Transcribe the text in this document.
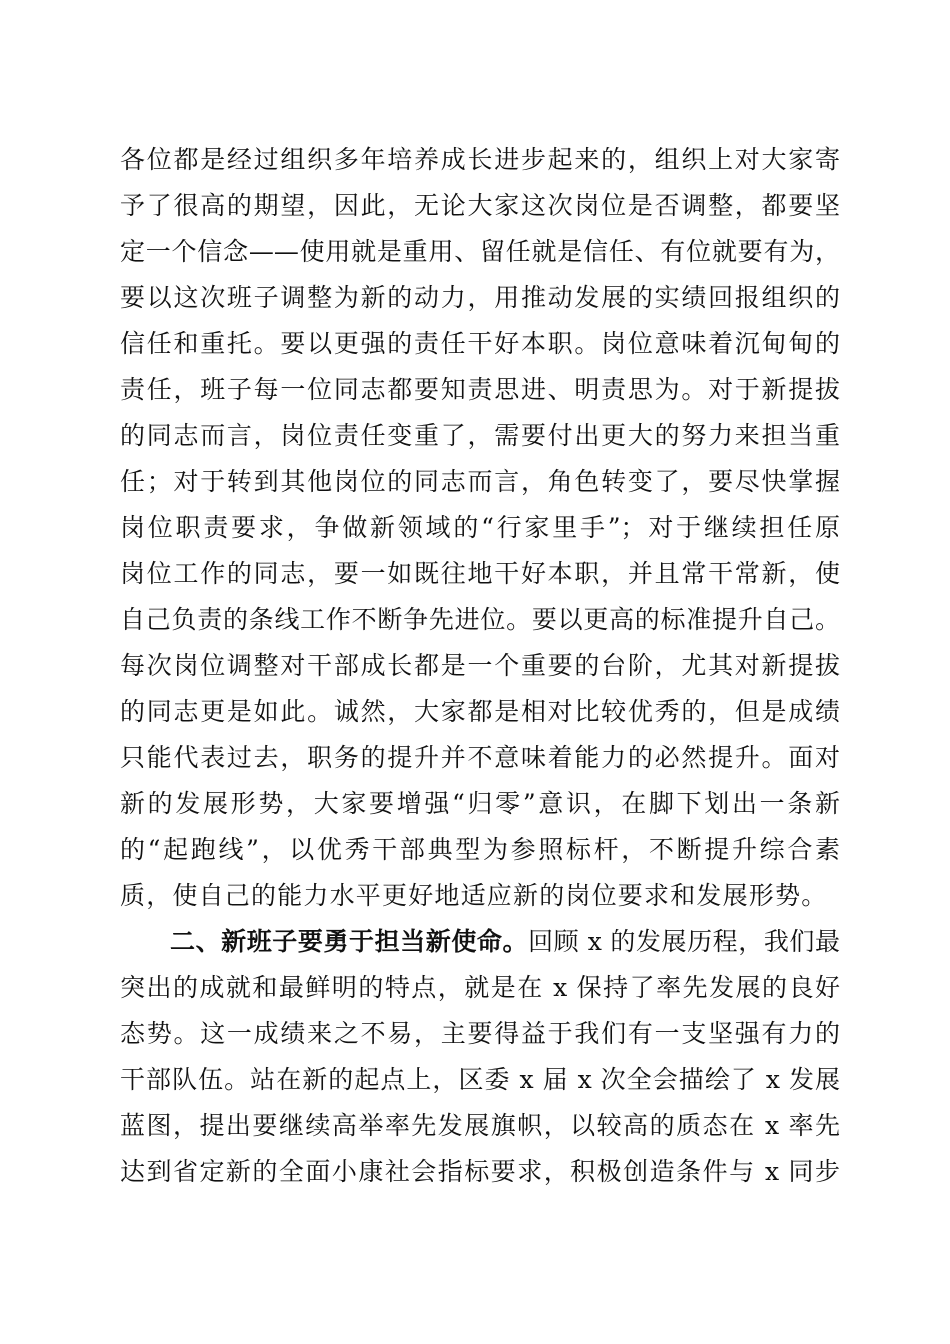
各位都是经过组织多年培养成长进步起来的，组织上对大家寄
予了很高的期望，因此，无论大家这次岗位是否调整，都要坚
定一个信念——使用就是重用、留任就是信任、有位就要有为，
要以这次班子调整为新的动力，用推动发展的实绩回报组织的
信任和重托。要以更强的责任干好本职。岗位意味着沉甸甸的
责任，班子每一位同志都要知责思进、明责思为。对于新提拔
的同志而言，岗位责任变重了，需要付出更大的努力来担当重
任；对于转到其他岗位的同志而言，角色转变了，要尽快掌握
岗位职责要求，争做新领域的“行家里手”；对于继续担任原
岗位工作的同志，要一如既往地干好本职，并且常干常新，使
自己负责的条线工作不断争先进位。要以更高的标准提升自己。
每次岗位调整对干部成长都是一个重要的台阶，尤其对新提拔
的同志更是如此。诚然，大家都是相对比较优秀的，但是成绩
只能代表过去，职务的提升并不意味着能力的必然提升。面对
新的发展形势，大家要增强“归零”意识，在脚下划出一条新
的“起跑线”，以优秀干部典型为参照标杆，不断提升综合素
质，使自己的能力水平更好地适应新的岗位要求和发展形势。
二、新班子要勇于担当新使命。回顾 x 的发展历程，我们最
突出的成就和最鲜明的特点，就是在 x 保持了率先发展的良好
态势。这一成绩来之不易，主要得益于我们有一支坚强有力的
干部队伍。站在新的起点上，区委 x 届 x 次全会描绘了 x 发展
蓝图，提出要继续高举率先发展旗帜，以较高的质态在 x 率先
达到省定新的全面小康社会指标要求，积极创造条件与 x 同步
